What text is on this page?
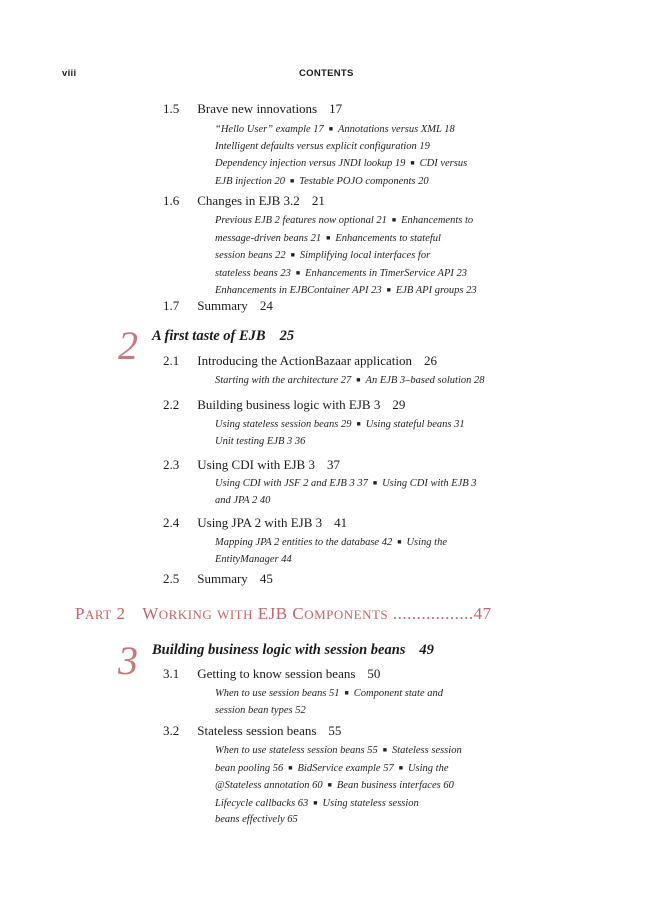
viii	CONTENTS
1.5 Brave new innovations 17
“Hello User” example 17 ■ Annotations versus XML 18
Intelligent defaults versus explicit configuration 19
Dependency injection versus JNDI lookup 19 ■ CDI versus
EJB injection 20 ■ Testable POJO components 20
1.6 Changes in EJB 3.2 21
Previous EJB 2 features now optional 21 ■ Enhancements to
message-driven beans 21 ■ Enhancements to stateful
session beans 22 ■ Simplifying local interfaces for
stateless beans 23 ■ Enhancements in TimerService API 23
Enhancements in EJBContainer API 23 ■ EJB API groups 23
1.7 Summary 24
2 A first taste of EJB 25
2.1 Introducing the ActionBazaar application 26
Starting with the architecture 27 ■ An EJB 3–based solution 28
2.2 Building business logic with EJB 3 29
Using stateless session beans 29 ■ Using stateful beans 31
Unit testing EJB 3 36
2.3 Using CDI with EJB 3 37
Using CDI with JSF 2 and EJB 3 37 ■ Using CDI with EJB 3
and JPA 2 40
2.4 Using JPA 2 with EJB 3 41
Mapping JPA 2 entities to the database 42 ■ Using the
EntityManager 44
2.5 Summary 45
PART 2 WORKING WITH EJB COMPONENTS .................47
3 Building business logic with session beans 49
3.1 Getting to know session beans 50
When to use session beans 51 ■ Component state and
session bean types 52
3.2 Stateless session beans 55
When to use stateless session beans 55 ■ Stateless session
bean pooling 56 ■ BidService example 57 ■ Using the
@Stateless annotation 60 ■ Bean business interfaces 60
Lifecycle callbacks 63 ■ Using stateless session
beans effectively 65
